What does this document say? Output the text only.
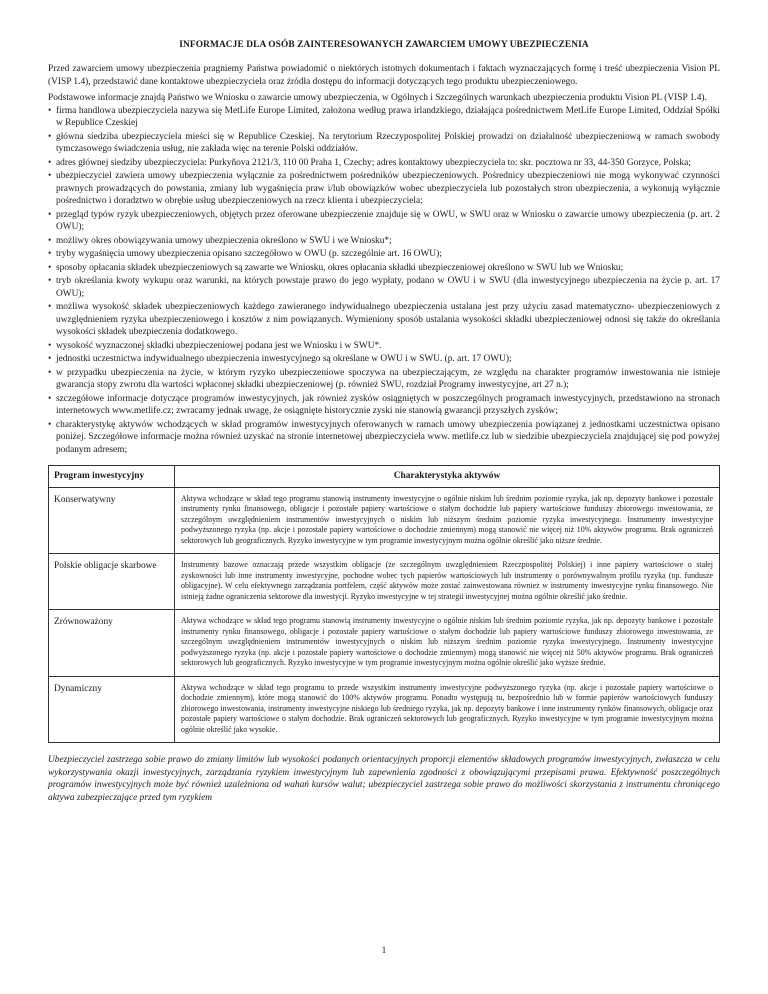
INFORMACJE DLA OSÓB ZAINTERESOWANYCH ZAWARCIEM UMOWY UBEZPIECZENIA

Przed zawarciem umowy ubezpieczenia pragniemy Państwa powiadomić o niektórych istotnych dokumentach i faktach wyznaczających formę i treść ubezpieczenia Vision PL (VISP 1.4), przedstawić dane kontaktowe ubezpieczyciela oraz źródła dostępu do informacji dotyczących tego produktu ubezpieczeniowego.

Podstawowe informacje znajdą Państwo we Wniosku o zawarcie umowy ubezpieczenia, w Ogólnych i Szczególnych warunkach ubezpieczenia produktu Vision PL (VISP 1.4).

• firma handlowa ubezpieczyciela nazywa się MetLife Europe Limited, założona według prawa irlandzkiego, działająca pośrednictwem MetLife Europe Limited, Oddział Spółki w Republice Czeskiej
• główna siedziba ubezpieczyciela mieści się w Republice Czeskiej. Na terytorium Rzeczypospolitej Polskiej prowadzi on działalność ubezpieczeniową w ramach swobody tymczasowego świadczenia usług, nie zakłada więc na terenie Polski oddziałów.
• adres głównej siedziby ubezpieczyciela: Purkyňova 2121/3, 110 00 Praha 1, Czechy; adres kontaktowy ubezpieczyciela to: skr. pocztowa nr 33, 44-350 Gorzyce, Polska;
• ubezpieczyciel zawiera umowy ubezpieczenia wyłącznie za pośrednictwem pośredników ubezpieczeniowych. Pośrednicy ubezpieczeniowi nie mogą wykonywać czynności prawnych prowadzących do powstania, zmiany lub wygaśnięcia praw i/lub obowiązków wobec ubezpieczyciela lub pozostałych stron ubezpieczenia, a wykonują wyłącznie pośrednictwo i doradztwo w obrębie usług ubezpieczeniowych na rzecz klienta i ubezpieczyciela;
• przegląd typów ryzyk ubezpieczeniowych, objętych przez oferowane ubezpieczenie znajduje się w OWU, w SWU oraz w Wniosku o zawarcie umowy ubezpieczenia (p. art. 2 OWU);
• możliwy okres obowiązywania umowy ubezpieczenia określono w SWU i we Wniosku*;
• tryby wygaśnięcia umowy ubezpieczenia opisano szczegółowo w OWU (p. szczególnie art. 16 OWU);
• sposoby opłacania składek ubezpieczeniowych są zawarte we Wniosku, okres opłacania składki ubezpieczeniowej określono w SWU lub we Wniosku;
• tryb określania kwoty wykupu oraz warunki, na których powstaje prawo do jego wypłaty, podano w OWU i w SWU (dla inwestycyjnego ubezpieczenia na życie p. art. 17 OWU);
• możliwa wysokość składek ubezpieczeniowych każdego zawieranego indywidualnego ubezpieczenia ustalana jest przy użyciu zasad matematyczno- ubezpieczeniowych z uwzględnieniem ryzyka ubezpieczeniowego i kosztów z nim powiązanych. Wymieniony sposób ustalania wysokości składki ubezpieczeniowej odnosi się także do określania wysokości składek ubezpieczenia dodatkowego.
• wysokość wyznaczonej składki ubezpieczeniowej podana jest we Wniosku i w SWU*.
• jednostki uczestnictwa indywidualnego ubezpieczenia inwestycyjnego są określane w OWU i w SWU. (p. art. 17 OWU);
• w przypadku ubezpieczenia na życie, w którym ryzyko ubezpieczeniowe spoczywa na ubezpieczającym, ze względu na charakter programów inwestowania nie istnieje gwarancja stopy zwrotu dla wartości wpłaconej składki ubezpieczeniowej (p. również SWU, rozdział Programy inwestycyjne, art 27 n.);
• szczegółowe informacje dotyczące programów inwestycyjnych, jak również zysków osiągniętych w poszczególnych programach inwestycyjnych, przedstawiono na stronach internetowych www.metlife.cz; zwracamy jednak uwagę, że osiągnięte historycznie zyski nie stanowią gwarancji przyszłych zysków;
• charakterystykę aktywów wchodzących w skład programów inwestycyjnych oferowanych w ramach umowy ubezpieczenia powiązanej z jednostkami uczestnictwa opisano poniżej. Szczegółowe informacje można również uzyskać na stronie internetowej ubezpieczyciela www. metlife.cz lub w siedzibie ubezpieczyciela znajdującej się pod powyżej podanym adresem;
Program inwestycyjny	Charakterystyka aktywów
Konserwatywny	Aktywa wchodzące w skład tego programu stanowią instrumenty inwestycyjne o ogólnie niskim lub średnim poziomie ryzyka, jak np. depozyty bankowe i pozostałe instrumenty rynku finansowego, obligacje i pozostałe papiery wartościowe o stałym dochodzie lub papiery wartościowe funduszy zbiorowego inwestowania, ze szczególnym uwzględnieniem instrumentów inwestycyjnych o niskim lub niższym średnim poziomie ryzyka inwestycyjnego. Instrumenty inwestycyjne podwyższonego ryzyka (np. akcje i pozostałe papiery wartościowe o dochodzie zmiennym) mogą stanowić nie więcej niż 10% aktywów programu. Brak ograniczeń sektorowych lub geograficznych. Ryzyko inwestycyjne w tym programie inwestycyjnym można ogólnie określić jako niższe średnie.
Polskie obligacje skarbowe	Instrumenty bazowe oznaczają przede wszystkim obligacje (ze szczególnym uwzględnieniem Rzeczpospolitej Polskiej) i inne papiery wartościowe o stałej zyskowności lub inne instrumenty inwestycyjne, pochodne wobec tych papierów wartościowych lub instrumenty o porównywalnym profilu ryzyka (np. fundusze obligacyjne). W celu efektywnego zarządzania portfelem, część aktywów może zostać zainwestowana również w instrumenty inwestycyjne rynku finansowego. Nie istnieją żadne ograniczenia sektorowe dla inwestycji. Ryzyko inwestycyjne w tej strategii inwestycyjnej można ogólnie określić jako średnie.
Zrównoważony	Aktywa wchodzące w skład tego programu stanowią instrumenty inwestycyjne o ogólnie niskim lub średnim poziomie ryzyka, jak np. depozyty bankowe i pozostałe instrumenty rynku finansowego, obligacje i pozostałe papiery wartościowe o stałym dochodzie lub papiery wartościowe funduszy zbiorowego inwestowania, ze szczególnym uwzględnieniem instrumentów inwestycyjnych o niskim lub niższym średnim poziomie ryzyka inwestycyjnego. Instrumenty inwestycyjne podwyższonego ryzyka (np. akcje i pozostałe papiery wartościowe o dochodzie zmiennym) mogą stanowić nie więcej niż 50% aktywów programu. Brak ograniczeń sektorowych lub geograficznych. Ryzyko inwestycyjne w tym programie inwestycyjnym można ogólnie określić jako wyższe średnie.
Dynamiczny	Aktywa wchodzące w skład tego programu to przede wszystkim instrumenty inwestycyjne podwyższonego ryzyka (np. akcje i pozostałe papiery wartościowe o dochodzie zmiennym), które mogą stanowić do 100% aktywów programu. Ponadto występują tu, bezpośrednio lub w formie papierów wartościowych funduszy zbiorowego inwestowania, instrumenty inwestycyjne niskiego lub średniego ryzyka, jak np. depozyty bankowe i inne instrumenty rynków finansowych, obligacje oraz pozostałe papiery wartościowe o stałym dochodzie. Brak ograniczeń sektorowych lub geograficznych. Ryzyko inwestycyjne w tym programie inwestycyjnym można ogólnie określić jako wysokie.
Ubezpieczyciel zastrzega sobie prawo do zmiany limitów lub wysokości podanych orientacyjnych proporcji elementów składowych programów inwestycyjnych, zwłaszcza w celu wykorzystywania okazji inwestycyjnych, zarządzania ryzykiem inwestycyjnym lub zapewnienia zgodności z obowiązującymi przepisami prawa. Efektywność poszczególnych programów inwestycyjnych może być również uzależniona od wahań kursów walut; ubezpieczyciel zastrzega sobie prawo do możliwości skorzystania z instrumentu chroniącego aktywa zabezpieczające przed tym ryzykiem
1
